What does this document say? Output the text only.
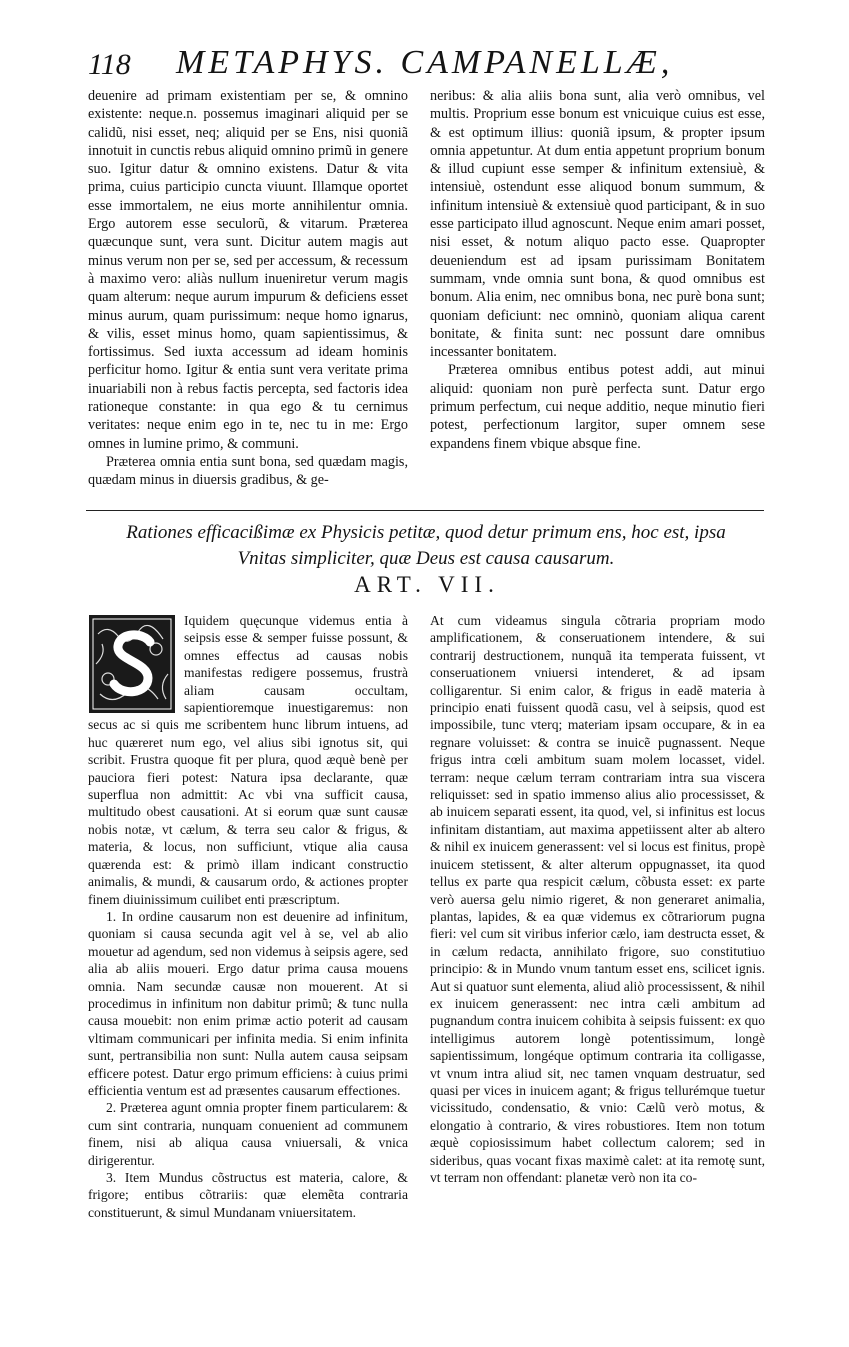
118 METAPHYS. CAMPANELLÆ,

deuenire ad primam existentiam per se, & omnino existente: neque.n. possemus imaginari aliquid per se calidũ, nisi esset, neq; aliquid per se Ens, nisi quoniã innotuit in cunctis rebus aliquid omnino primũ in genere suo. Igitur datur & omnino existens. Datur & vita prima, cuius participio cuncta viuunt. Illamque oportet esse immortalem, ne eius morte annihilentur omnia. Ergo autorem esse seculorũ, & vitarum. Præterea quæcunque sunt, vera sunt. Dicitur autem magis aut minus verum non per se, sed per accessum, & recessum à maximo vero: aliàs nullum inueniretur verum magis quam alterum: neque aurum impurum & deficiens esset minus aurum, quam purissimum: neque homo ignarus, & vilis, esset minus homo, quam sapientissimus, & fortissimus. Sed iuxta accessum ad ideam hominis perficitur homo. Igitur & entia sunt vera veritate prima inuariabili non à rebus factis percepta, sed factoris idea rationeque constante: in qua ego & tu cernimus veritates: neque enim ego in te, nec tu in me: Ergo omnes in lumine primo, & communi.

Præterea omnia entia sunt bona, sed quædam magis, quædam minus in diuersis gradibus, & ge-

neribus: & alia aliis bona sunt, alia verò omnibus, vel multis. Proprium esse bonum est vnicuique cuius est esse, & est optimum illius: quoniã ipsum, & propter ipsum omnia appetuntur. At dum entia appetunt proprium bonum & illud cupiunt esse semper & infinitum extensiuè, & intensiuè, ostendunt esse aliquod bonum summum, & infinitum intensiuè & extensiuè quod participant, & in suo esse participato illud agnoscunt. Neque enim amari posset, nisi esset, & notum aliquo pacto esse. Quapropter deueniendum est ad ipsam purissimam Bonitatem summam, vnde omnia sunt bona, & quod omnibus est bonum. Alia enim, nec omnibus bona, nec purè bona sunt; quoniam deficiunt: nec omninò, quoniam aliqua carent bonitate, & finita sunt: nec possunt dare omnibus incessanter bonitatem.

Præterea omnibus entibus potest addi, aut minui aliquid: quoniam non purè perfecta sunt. Datur ergo primum perfectum, cui neque additio, neque minutio fieri potest, perfectionum largitor, super omnem sese expandens finem vbique absque fine.

Rationes efficacißimæ ex Physicis petitæ, quod detur primum ens, hoc est, ipsa
Vnitas simpliciter, quæ Deus est causa causarum.
ART. VII.

Iquidem quęcunque videmus entia à seipsis esse & semper fuisse possunt, & omnes effectus ad causas nobis manifestas redigere possemus, frustrà aliam causam occultam, sapientioremque inuestigaremus: non secus ac si quis me scribentem hunc librum intuens, ad huc quæreret num ego, vel alius sibi ignotus sit, qui scribit. Frustra quoque fit per plura, quod æquè benè per pauciora fieri potest: Natura ipsa declarante, quæ superflua non admittit: Ac vbi vna sufficit causa, multitudo obest causationi. At si eorum quæ sunt causæ nobis notæ, vt cælum, & terra seu calor & frigus, & materia, & locus, non sufficiunt, vtique alia causa quærenda est: & primò illam indicant constructio animalis, & mundi, & causarum ordo, & actiones propter finem diuinissimum cuilibet enti præscriptum.

1. In ordine causarum non est deuenire ad infinitum, quoniam si causa secunda agit vel à se, vel ab alio mouetur ad agendum, sed non videmus à seipsis agere, sed alia ab aliis moueri. Ergo datur prima causa mouens omnia. Nam secundæ causæ non mouerent. At si procedimus in infinitum non dabitur primũ; & tunc nulla causa mouebit: non enim primæ actio poterit ad causam vltimam communicari per infinita media. Si enim infinita sunt, pertransibilia non sunt: Nulla autem causa seipsam efficere potest. Datur ergo primum efficiens: à cuius primi efficientia ventum est ad præsentes causarum effectiones.

2. Præterea agunt omnia propter finem particularem: & cum sint contraria, nunquam conuenient ad communem finem, nisi ab aliqua causa vniuersali, & vnica dirigerentur.

3. Item Mundus cõstructus est materia, calore, & frigore; entibus cõtrariis: quæ elemẽta contraria constituerunt, & simul Mundanam vniuersitatem.

At cum videamus singula cõtraria propriam modo amplificationem, & conseruationem intendere, & sui contrarij destructionem, nunquã ita temperata fuissent, vt conseruationem vniuersi intenderet, & ad ipsam colligarentur. Si enim calor, & frigus in eadẽ materia à principio enati fuissent quodã casu, vel à seipsis, quod est impossibile, tunc vterq; materiam ipsam occupare, & in ea regnare voluisset: & contra se inuicẽ pugnassent. Neque frigus intra cœli ambitum suam molem locasset, videl. terram: neque cælum terram contrariam intra sua viscera reliquisset: sed in spatio immenso alius alio processisset, & ab inuicem separati essent, ita quod, vel, si infinitus est locus infinitam distantiam, aut maxima appetiissent alter ab altero & nihil ex inuicem generassent: vel si locus est finitus, propè inuicem stetissent, & alter alterum oppugnasset, ita quod tellus ex parte qua respicit cælum, cõbusta esset: ex parte verò auersa gelu nimio rigeret, & non generaret animalia, plantas, lapides, & ea quæ videmus ex cõtrariorum pugna fieri: vel cum sit viribus inferior cælo, iam destructa esset, & in cælum redacta, annihilato frigore, suo constitutiuo principio: & in Mundo vnum tantum esset ens, scilicet ignis. Aut si quatuor sunt elementa, aliud aliò processissent, & nihil ex inuicem generassent: nec intra cæli ambitum ad pugnandum contra inuicem cohibita à seipsis fuissent: ex quo intelligimus autorem longè potentissimum, longè sapientissimum, longéque optimum contraria ita colligasse, vt vnum intra aliud sit, nec tamen vnquam destruatur, sed quasi per vices in inuicem agant; & frigus tellurémque tuetur vicissitudo, condensatio, & vnio: Cælũ verò motus, & elongatio à contrario, & vires robustiores. Item non totum æquè copiosissimum habet collectum calorem; sed in sideribus, quas vocant fixas maximè calet: at ita remotę sunt, vt terram non offendant: planetæ verò non ita co-
